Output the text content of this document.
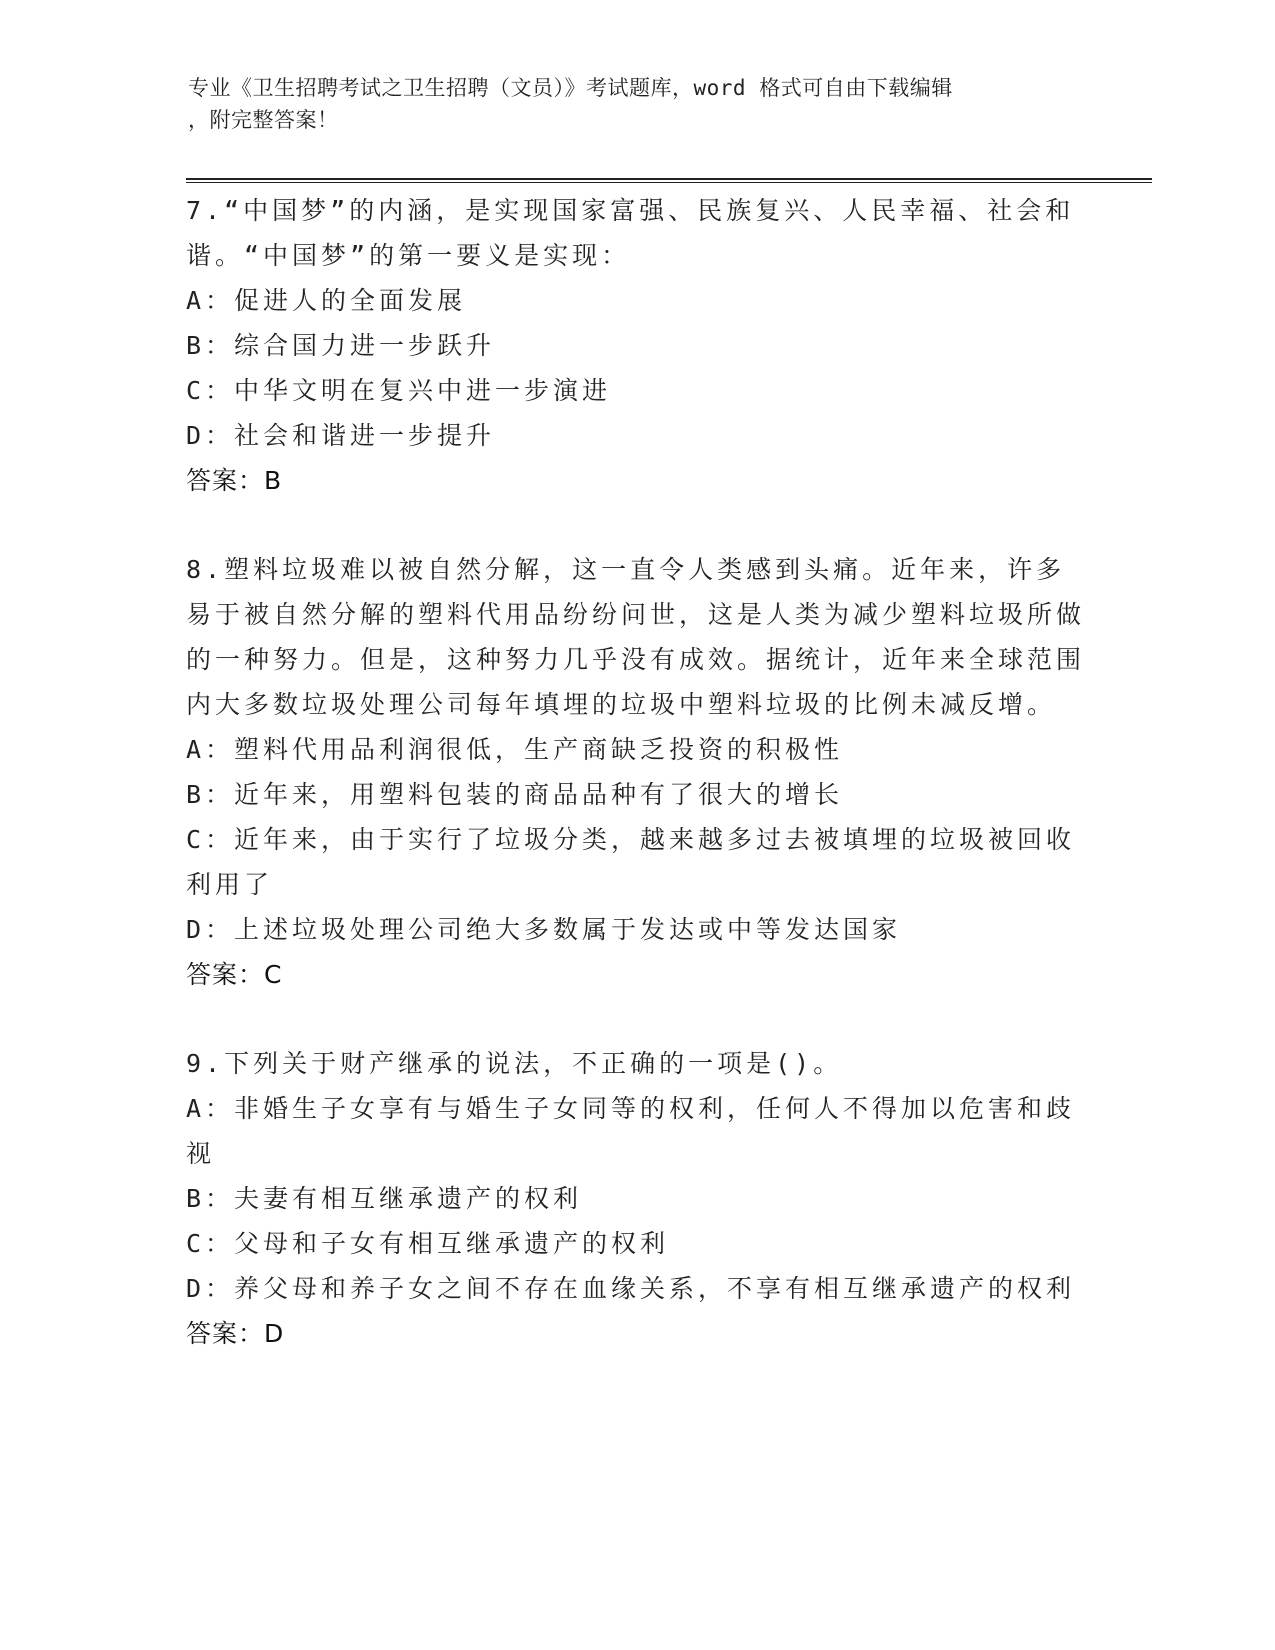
专业《卫生招聘考试之卫生招聘（文员）》考试题库，word 格式可自由下载编辑
，附完整答案！

7.“中国梦”的内涵，是实现国家富强、民族复兴、人民幸福、社会和谐。“中国梦”的第一要义是实现：

A：促进人的全面发展

B：综合国力进一步跃升

C：中华文明在复兴中进一步演进

D：社会和谐进一步提升

答案：B

8.塑料垃圾难以被自然分解，这一直令人类感到头痛。近年来，许多易于被自然分解的塑料代用品纷纷问世，这是人类为减少塑料垃圾所做的一种努力。但是，这种努力几乎没有成效。据统计，近年来全球范围内大多数垃圾处理公司每年填埋的垃圾中塑料垃圾的比例未减反增。

A：塑料代用品利润很低，生产商缺乏投资的积极性

B：近年来，用塑料包装的商品品种有了很大的增长

C：近年来，由于实行了垃圾分类，越来越多过去被填埋的垃圾被回收利用了

D：上述垃圾处理公司绝大多数属于发达或中等发达国家

答案：C

9.下列关于财产继承的说法，不正确的一项是()。

A：非婚生子女享有与婚生子女同等的权利，任何人不得加以危害和歧视

B：夫妻有相互继承遗产的权利

C：父母和子女有相互继承遗产的权利

D：养父母和养子女之间不存在血缘关系，不享有相互继承遗产的权利

答案：D
